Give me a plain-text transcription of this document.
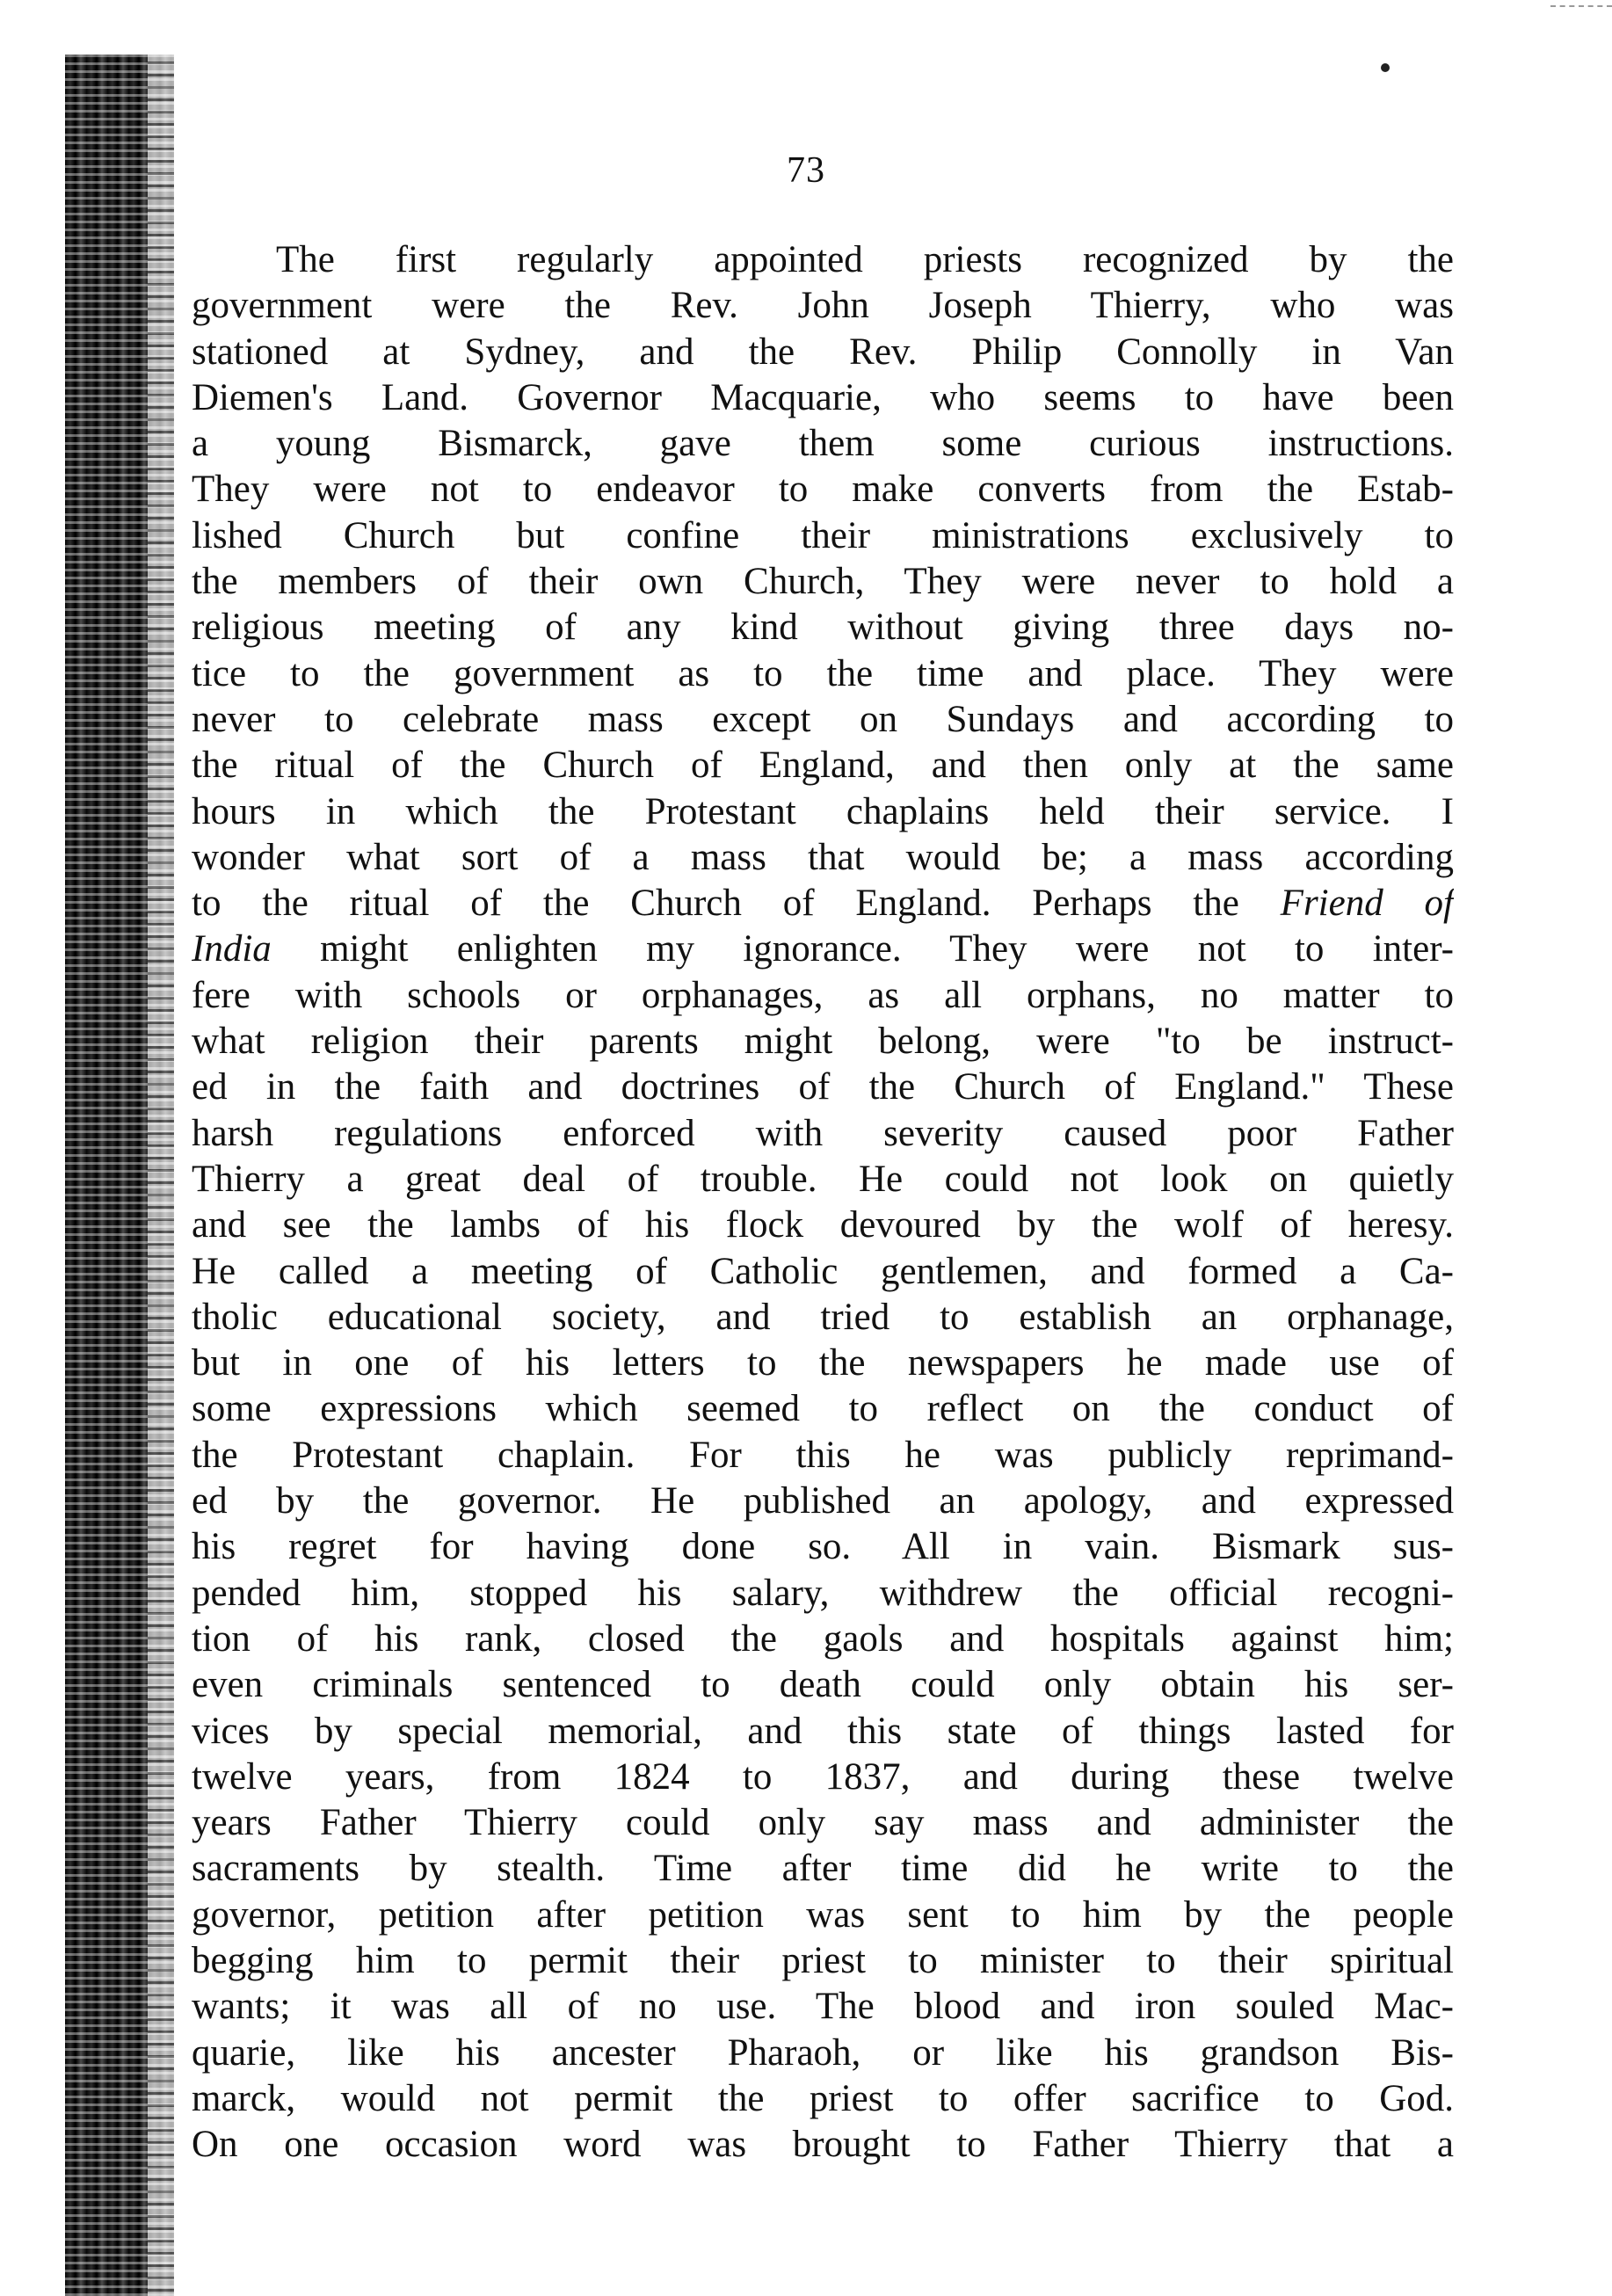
73
The first regularly appointed priests recognized by the
government were the Rev. John Joseph Thierry, who was
stationed at Sydney, and the Rev. Philip Connolly in Van
Diemen's Land. Governor Macquarie, who seems to have been
a young Bismarck, gave them some curious instructions.
They were not to endeavor to make converts from the Estab-
lished Church but confine their ministrations exclusively to
the members of their own Church, They were never to hold a
religious meeting of any kind without giving three days no-
tice to the government as to the time and place. They were
never to celebrate mass except on Sundays and according to
the ritual of the Church of England, and then only at the same
hours in which the Protestant chaplains held their service. I
wonder what sort of a mass that would be; a mass according
to the ritual of the Church of England. Perhaps the Friend of
India might enlighten my ignorance. They were not to inter-
fere with schools or orphanages, as all orphans, no matter to
what religion their parents might belong, were "to be instruct-
ed in the faith and doctrines of the Church of England." These
harsh regulations enforced with severity caused poor Father
Thierry a great deal of trouble. He could not look on quietly
and see the lambs of his flock devoured by the wolf of heresy.
He called a meeting of Catholic gentlemen, and formed a Ca-
tholic educational society, and tried to establish an orphanage,
but in one of his letters to the newspapers he made use of
some expressions which seemed to reflect on the conduct of
the Protestant chaplain. For this he was publicly reprimand-
ed by the governor. He published an apology, and expressed
his regret for having done so. All in vain. Bismark sus-
pended him, stopped his salary, withdrew the official recogni-
tion of his rank, closed the gaols and hospitals against him;
even criminals sentenced to death could only obtain his ser-
vices by special memorial, and this state of things lasted for
twelve years, from 1824 to 1837, and during these twelve
years Father Thierry could only say mass and administer the
sacraments by stealth. Time after time did he write to the
governor, petition after petition was sent to him by the people
begging him to permit their priest to minister to their spiritual
wants; it was all of no use. The blood and iron souled Mac-
quarie, like his ancester Pharaoh, or like his grandson Bis-
marck, would not permit the priest to offer sacrifice to God.
On one occasion word was brought to Father Thierry that a
